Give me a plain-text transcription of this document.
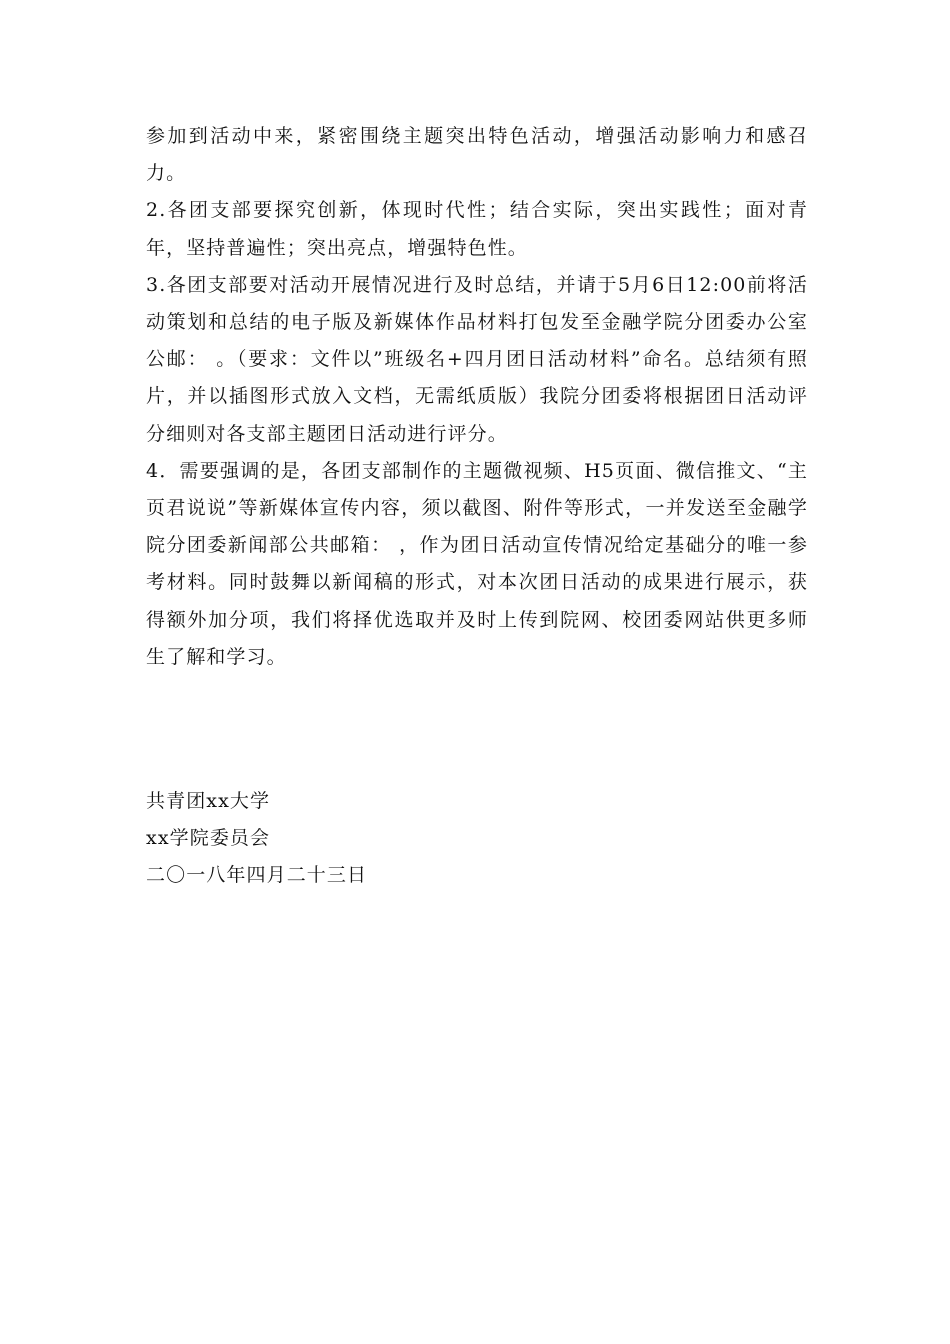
参加到活动中来，紧密围绕主题突出特色活动，增强活动影响力和感召力。

2.各团支部要探究创新，体现时代性；结合实际，突出实践性；面对青年，坚持普遍性；突出亮点，增强特色性。

3.各团支部要对活动开展情况进行及时总结，并请于5月6日12:00前将活动策划和总结的电子版及新媒体作品材料打包发至金融学院分团委办公室公邮： 。（要求：文件以”班级名+四月团日活动材料”命名。总结须有照片，并以插图形式放入文档，无需纸质版）我院分团委将根据团日活动评分细则对各支部主题团日活动进行评分。

4．需要强调的是，各团支部制作的主题微视频、H5页面、微信推文、“主页君说说”等新媒体宣传内容，须以截图、附件等形式，一并发送至金融学院分团委新闻部公共邮箱： ，作为团日活动宣传情况给定基础分的唯一参考材料。同时鼓舞以新闻稿的形式，对本次团日活动的成果进行展示，获得额外加分项，我们将择优选取并及时上传到院网、校团委网站供更多师生了解和学习。

共青团xx大学

xx学院委员会

二〇一八年四月二十三日
